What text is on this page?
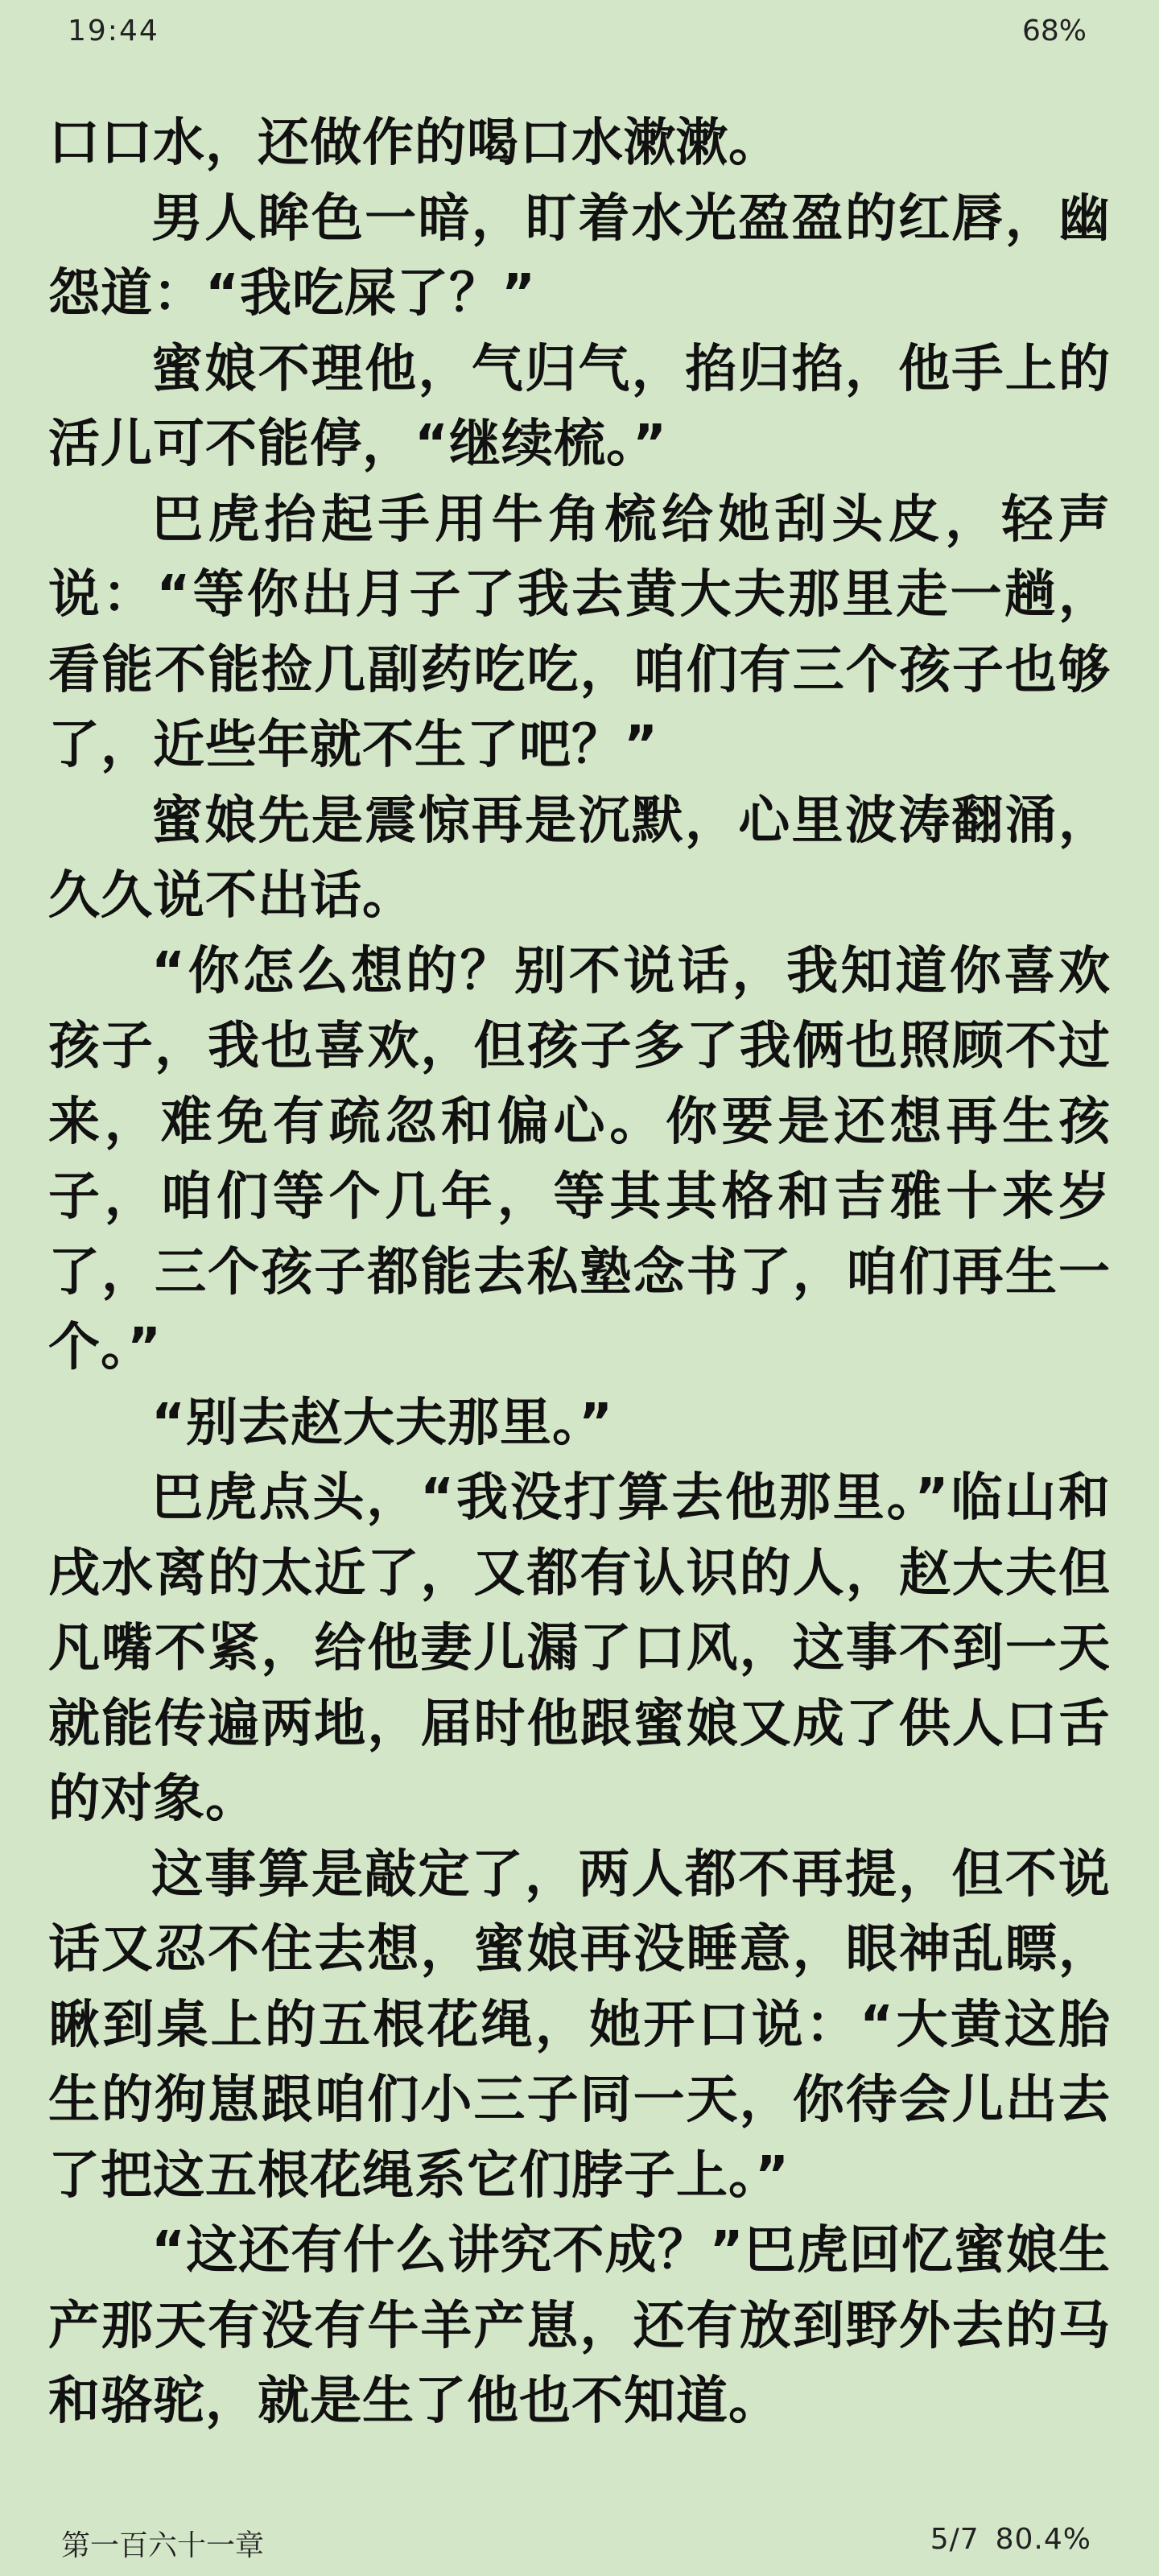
19:44	68%

口口水，还做作的喝口水漱漱。

男人眸色一暗，盯着水光盈盈的红唇，幽怨道：“我吃屎了？”

蜜娘不理他，气归气，掐归掐，他手上的活儿可不能停，“继续梳。”

巴虎抬起手用牛角梳给她刮头皮，轻声说：“等你出月子了我去黄大夫那里走一趟，看能不能捡几副药吃吃，咱们有三个孩子也够了，近些年就不生了吧？”

蜜娘先是震惊再是沉默，心里波涛翻涌，久久说不出话。

“你怎么想的？别不说话，我知道你喜欢孩子，我也喜欢，但孩子多了我俩也照顾不过来，难免有疏忽和偏心。你要是还想再生孩子，咱们等个几年，等其其格和吉雅十来岁了，三个孩子都能去私塾念书了，咱们再生一个。”

“别去赵大夫那里。”

巴虎点头，“我没打算去他那里。”临山和戌水离的太近了，又都有认识的人，赵大夫但凡嘴不紧，给他妻儿漏了口风，这事不到一天就能传遍两地，届时他跟蜜娘又成了供人口舌的对象。

这事算是敲定了，两人都不再提，但不说话又忍不住去想，蜜娘再没睡意，眼神乱瞟，瞅到桌上的五根花绳，她开口说：“大黄这胎生的狗崽跟咱们小三子同一天，你待会儿出去了把这五根花绳系它们脖子上。”

“这还有什么讲究不成？”巴虎回忆蜜娘生产那天有没有牛羊产崽，还有放到野外去的马和骆驼，就是生了他也不知道。

第一百六十一章	5/7 80.4%
